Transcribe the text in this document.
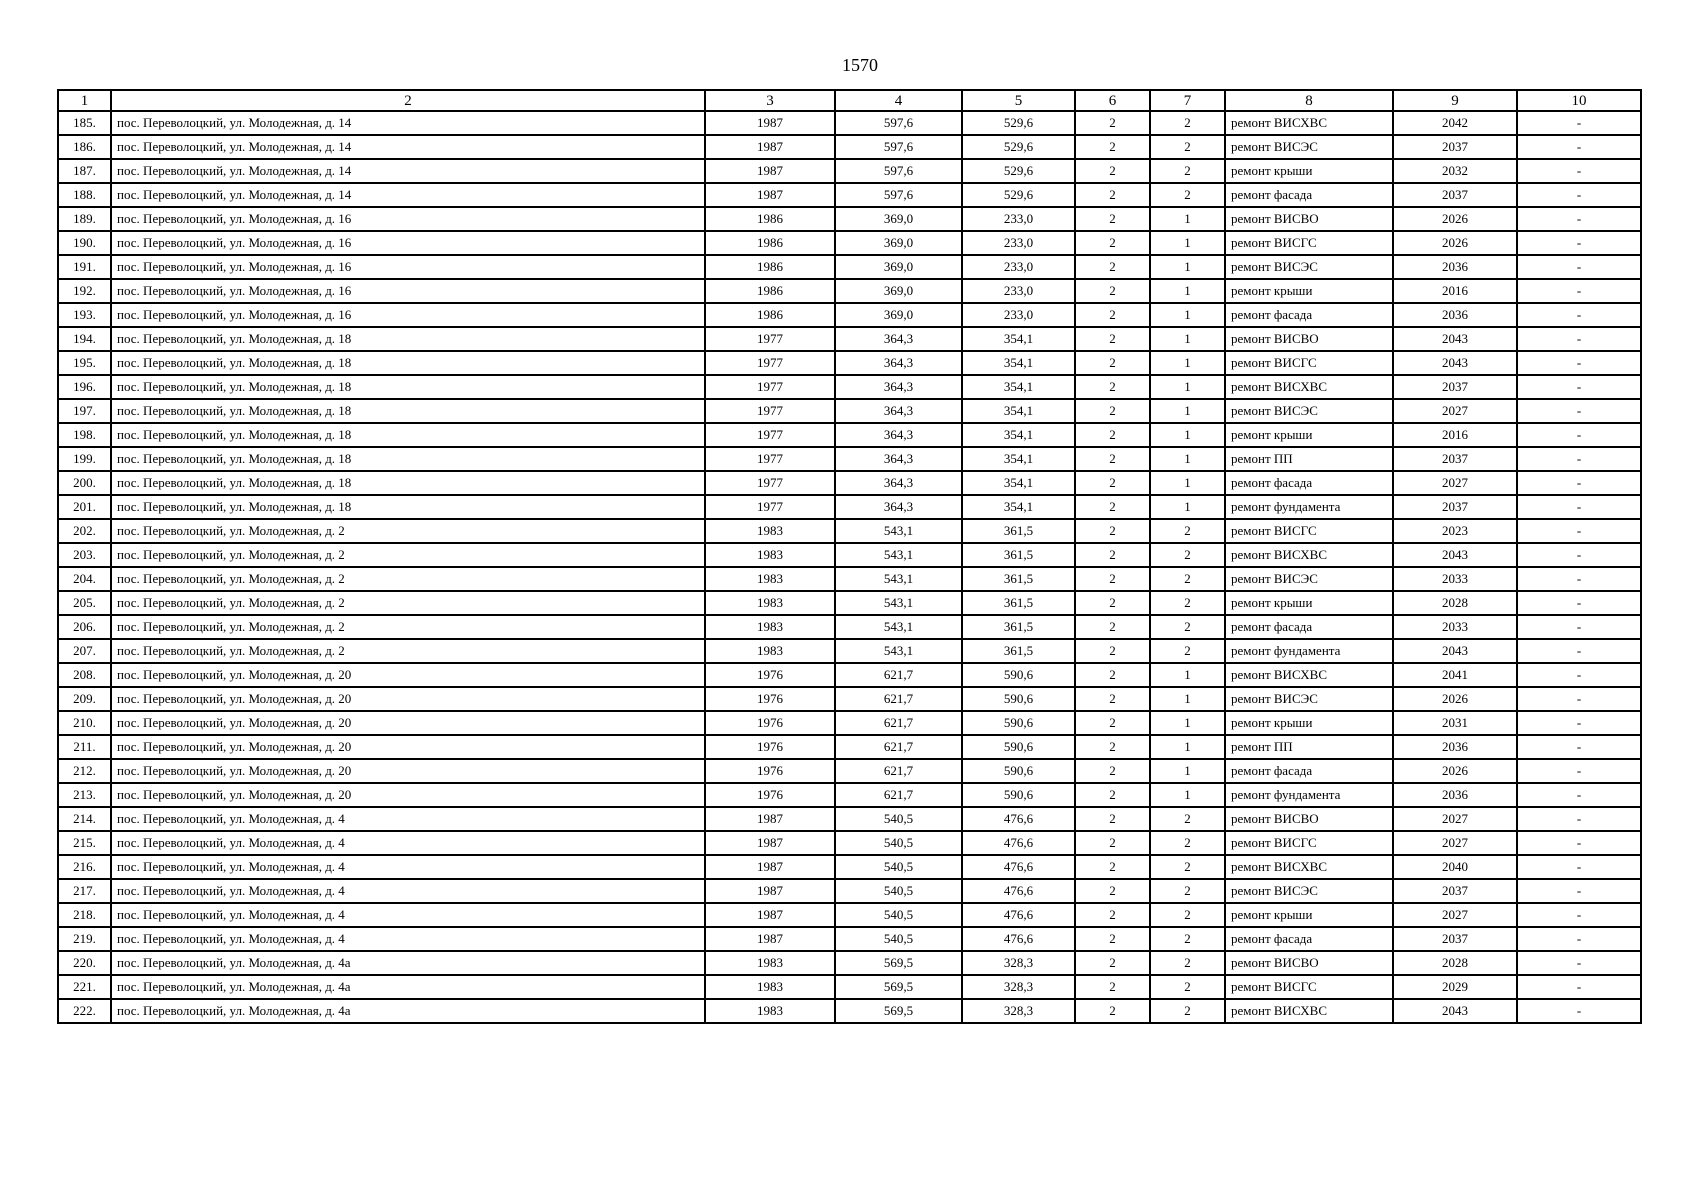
1570
1	2	3	4	5	6	7	8	9	10
185.	пос. Переволоцкий, ул. Молодежная, д. 14	1987	597,6	529,6	2	2	ремонт ВИСХВС	2042	-
186.	пос. Переволоцкий, ул. Молодежная, д. 14	1987	597,6	529,6	2	2	ремонт ВИСЭС	2037	-
187.	пос. Переволоцкий, ул. Молодежная, д. 14	1987	597,6	529,6	2	2	ремонт крыши	2032	-
188.	пос. Переволоцкий, ул. Молодежная, д. 14	1987	597,6	529,6	2	2	ремонт фасада	2037	-
189.	пос. Переволоцкий, ул. Молодежная, д. 16	1986	369,0	233,0	2	1	ремонт ВИСВО	2026	-
190.	пос. Переволоцкий, ул. Молодежная, д. 16	1986	369,0	233,0	2	1	ремонт ВИСГС	2026	-
191.	пос. Переволоцкий, ул. Молодежная, д. 16	1986	369,0	233,0	2	1	ремонт ВИСЭС	2036	-
192.	пос. Переволоцкий, ул. Молодежная, д. 16	1986	369,0	233,0	2	1	ремонт крыши	2016	-
193.	пос. Переволоцкий, ул. Молодежная, д. 16	1986	369,0	233,0	2	1	ремонт фасада	2036	-
194.	пос. Переволоцкий, ул. Молодежная, д. 18	1977	364,3	354,1	2	1	ремонт ВИСВО	2043	-
195.	пос. Переволоцкий, ул. Молодежная, д. 18	1977	364,3	354,1	2	1	ремонт ВИСГС	2043	-
196.	пос. Переволоцкий, ул. Молодежная, д. 18	1977	364,3	354,1	2	1	ремонт ВИСХВС	2037	-
197.	пос. Переволоцкий, ул. Молодежная, д. 18	1977	364,3	354,1	2	1	ремонт ВИСЭС	2027	-
198.	пос. Переволоцкий, ул. Молодежная, д. 18	1977	364,3	354,1	2	1	ремонт крыши	2016	-
199.	пос. Переволоцкий, ул. Молодежная, д. 18	1977	364,3	354,1	2	1	ремонт ПП	2037	-
200.	пос. Переволоцкий, ул. Молодежная, д. 18	1977	364,3	354,1	2	1	ремонт фасада	2027	-
201.	пос. Переволоцкий, ул. Молодежная, д. 18	1977	364,3	354,1	2	1	ремонт фундамента	2037	-
202.	пос. Переволоцкий, ул. Молодежная, д. 2	1983	543,1	361,5	2	2	ремонт ВИСГС	2023	-
203.	пос. Переволоцкий, ул. Молодежная, д. 2	1983	543,1	361,5	2	2	ремонт ВИСХВС	2043	-
204.	пос. Переволоцкий, ул. Молодежная, д. 2	1983	543,1	361,5	2	2	ремонт ВИСЭС	2033	-
205.	пос. Переволоцкий, ул. Молодежная, д. 2	1983	543,1	361,5	2	2	ремонт крыши	2028	-
206.	пос. Переволоцкий, ул. Молодежная, д. 2	1983	543,1	361,5	2	2	ремонт фасада	2033	-
207.	пос. Переволоцкий, ул. Молодежная, д. 2	1983	543,1	361,5	2	2	ремонт фундамента	2043	-
208.	пос. Переволоцкий, ул. Молодежная, д. 20	1976	621,7	590,6	2	1	ремонт ВИСХВС	2041	-
209.	пос. Переволоцкий, ул. Молодежная, д. 20	1976	621,7	590,6	2	1	ремонт ВИСЭС	2026	-
210.	пос. Переволоцкий, ул. Молодежная, д. 20	1976	621,7	590,6	2	1	ремонт крыши	2031	-
211.	пос. Переволоцкий, ул. Молодежная, д. 20	1976	621,7	590,6	2	1	ремонт ПП	2036	-
212.	пос. Переволоцкий, ул. Молодежная, д. 20	1976	621,7	590,6	2	1	ремонт фасада	2026	-
213.	пос. Переволоцкий, ул. Молодежная, д. 20	1976	621,7	590,6	2	1	ремонт фундамента	2036	-
214.	пос. Переволоцкий, ул. Молодежная, д. 4	1987	540,5	476,6	2	2	ремонт ВИСВО	2027	-
215.	пос. Переволоцкий, ул. Молодежная, д. 4	1987	540,5	476,6	2	2	ремонт ВИСГС	2027	-
216.	пос. Переволоцкий, ул. Молодежная, д. 4	1987	540,5	476,6	2	2	ремонт ВИСХВС	2040	-
217.	пос. Переволоцкий, ул. Молодежная, д. 4	1987	540,5	476,6	2	2	ремонт ВИСЭС	2037	-
218.	пос. Переволоцкий, ул. Молодежная, д. 4	1987	540,5	476,6	2	2	ремонт крыши	2027	-
219.	пос. Переволоцкий, ул. Молодежная, д. 4	1987	540,5	476,6	2	2	ремонт фасада	2037	-
220.	пос. Переволоцкий, ул. Молодежная, д. 4а	1983	569,5	328,3	2	2	ремонт ВИСВО	2028	-
221.	пос. Переволоцкий, ул. Молодежная, д. 4а	1983	569,5	328,3	2	2	ремонт ВИСГС	2029	-
222.	пос. Переволоцкий, ул. Молодежная, д. 4а	1983	569,5	328,3	2	2	ремонт ВИСХВС	2043	-
